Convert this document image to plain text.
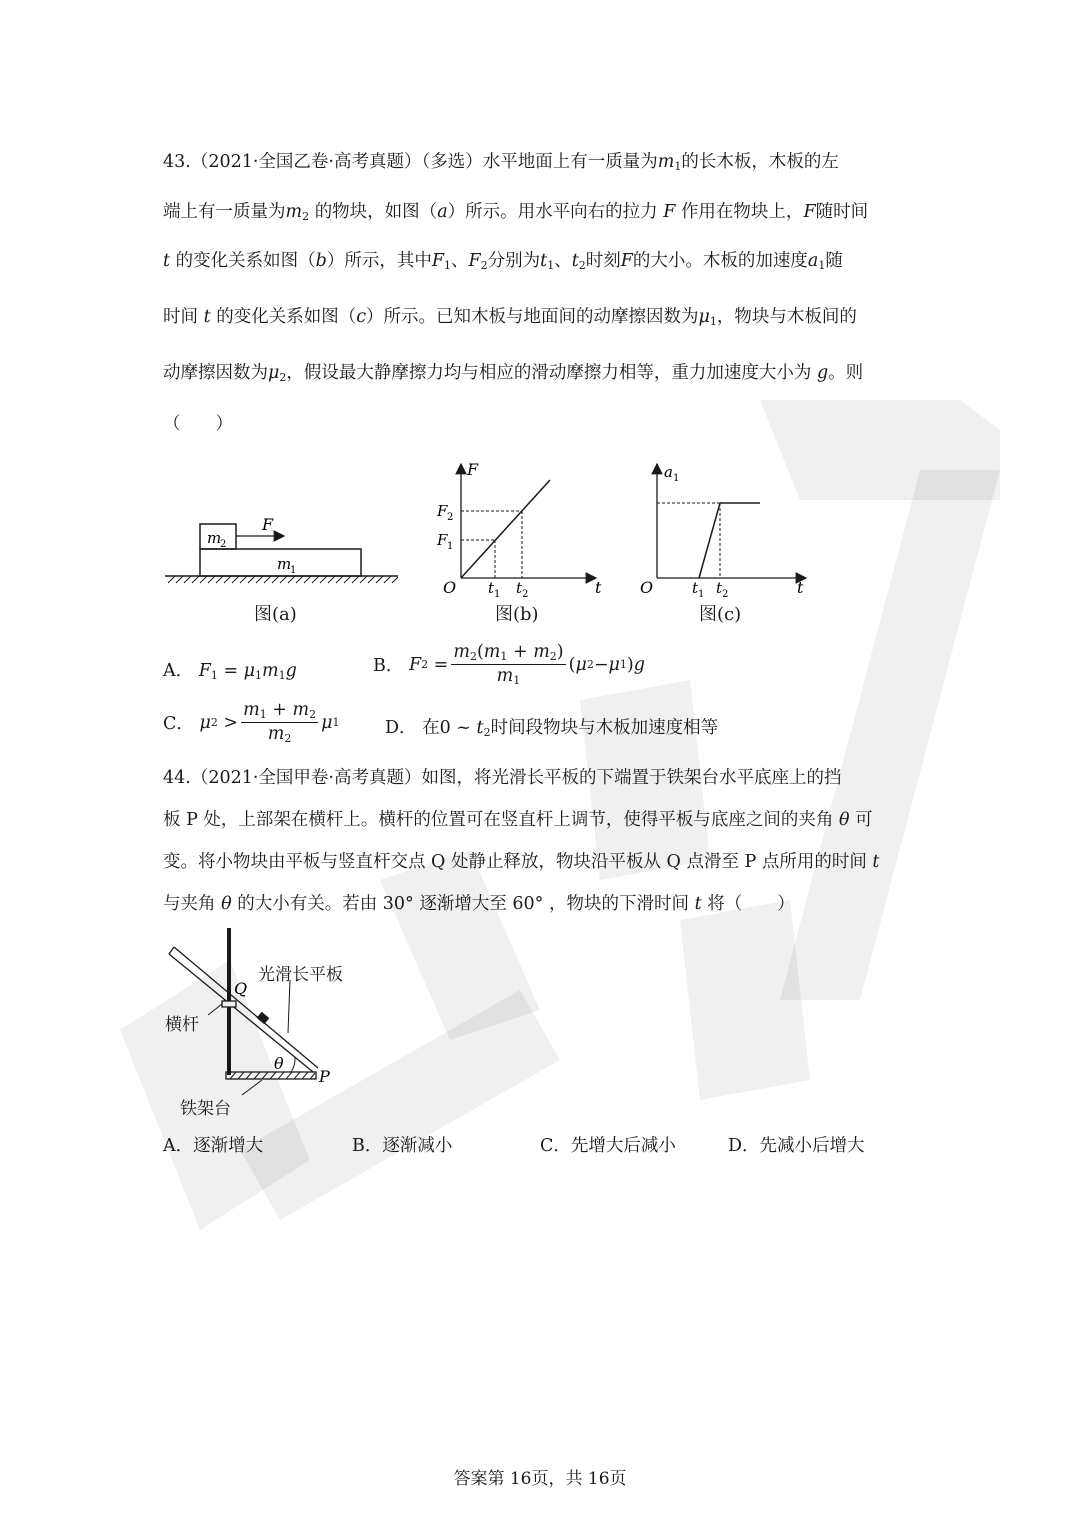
43.（2021·全国乙卷·高考真题）（多选）水平地面上有一质量为$m_1$的长木板，木板的左
端上有一质量为$m_2$ 的物块，如图（a）所示。用水平向右的拉力 F 作用在物块上，F随时间
t 的变化关系如图（b）所示，其中$F_1$、$F_2$分别为$t_1$、$t_2$时刻F的大小。木板的加速度$a_1$随
时间 t 的变化关系如图（c）所示。已知木板与地面间的动摩擦因数为$\mu_1$，物块与木板间的
动摩擦因数为$\mu_2$，假设最大静摩擦力均与相应的滑动摩擦力相等，重力加速度大小为 g。则
（　　）
m
2
m
1
F
F
O	t
F 1
F 2
t 1 t 2
a 1
O	t
t 1 t 2
图(a)	图(b)	图(c)
A． $F_1 = \mu_1m_1g$	B．
F $2 = \frac{m_2(m_1 + m_2)}{m_1}$ ( μ 2 − μ 1 ) g
C．
μ $2 > \frac{m_1 + m_2}{m_2}$ μ 1	D． 在0 ~ $t_2$时间段物块与木板加速度相等
44.（2021·全国甲卷·高考真题）如图，将光滑长平板的下端置于铁架台水平底座上的挡
板 P 处，上部架在横杆上。横杆的位置可在竖直杆上调节，使得平板与底座之间的夹角 θ 可
变。将小物块由平板与竖直杆交点 Q 处静止释放，物块沿平板从 Q 点滑至 P 点所用的时间 t
与夹角 θ 的大小有关。若由 30° 逐渐增大至 60° ，物块的下滑时间 t 将（　　）
θ
Q
P
光滑长平板
横杆
铁架台
A．逐渐增大	B．逐渐减小	C．先增大后减小	D．先减小后增大
答案第 16页，共 16页
